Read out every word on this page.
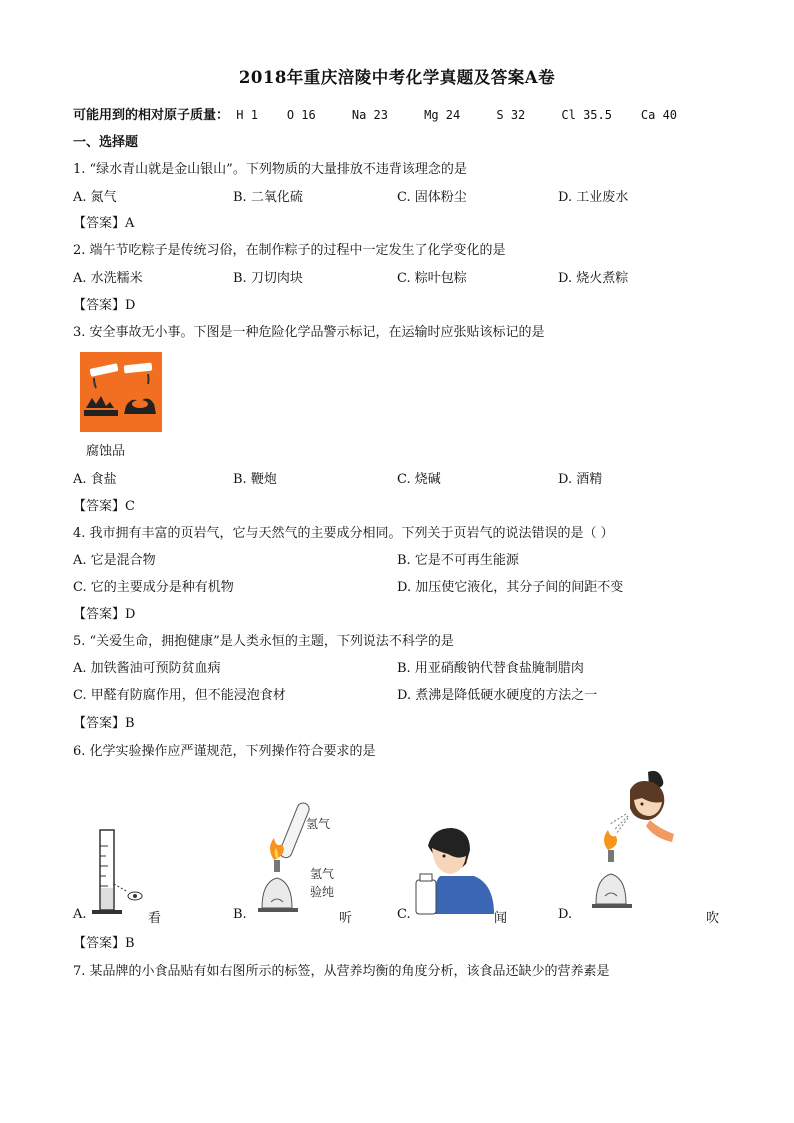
2018年重庆涪陵中考化学真题及答案A卷
可能用到的相对原子质量： H 1 O 16	Na 23	Mg 24	S 32	Cl 35.5 Ca 40
一、选择题
1. “绿水青山就是金山银山”。下列物质的大量排放不违背该理念的是
A. 氮气	B. 二氧化硫	C. 固体粉尘	D. 工业废水
【答案】A
2. 端午节吃粽子是传统习俗，在制作粽子的过程中一定发生了化学变化的是
A. 水洗糯米	B. 刀切肉块	C. 粽叶包粽	D. 烧火煮粽
【答案】D
3. 安全事故无小事。下图是一种危险化学品警示标记，在运输时应张贴该标记的是
腐蚀品
A. 食盐	B. 鞭炮	C. 烧碱	D. 酒精
【答案】C
4. 我市拥有丰富的页岩气，它与天然气的主要成分相同。下列关于页岩气的说法错误的是（ ）
A. 它是混合物	B. 它是不可再生能源
C. 它的主要成分是种有机物	D. 加压使它液化，其分子间的间距不变
【答案】D
5. “关爱生命，拥抱健康”是人类永恒的主题，下列说法不科学的是
A. 加铁酱油可预防贫血病	B. 用亚硝酸钠代替食盐腌制腊肉
C. 甲醛有防腐作用，但不能浸泡食材	D. 煮沸是降低硬水硬度的方法之一
【答案】B
6. 化学实验操作应严谨规范，下列操作符合要求的是
A.	看
氢气
氢气
验纯
B.	听	C.	闻	D.	吹
【答案】B
7. 某品牌的小食品贴有如右图所示的标签，从营养均衡的角度分析，该食品还缺少的营养素是
